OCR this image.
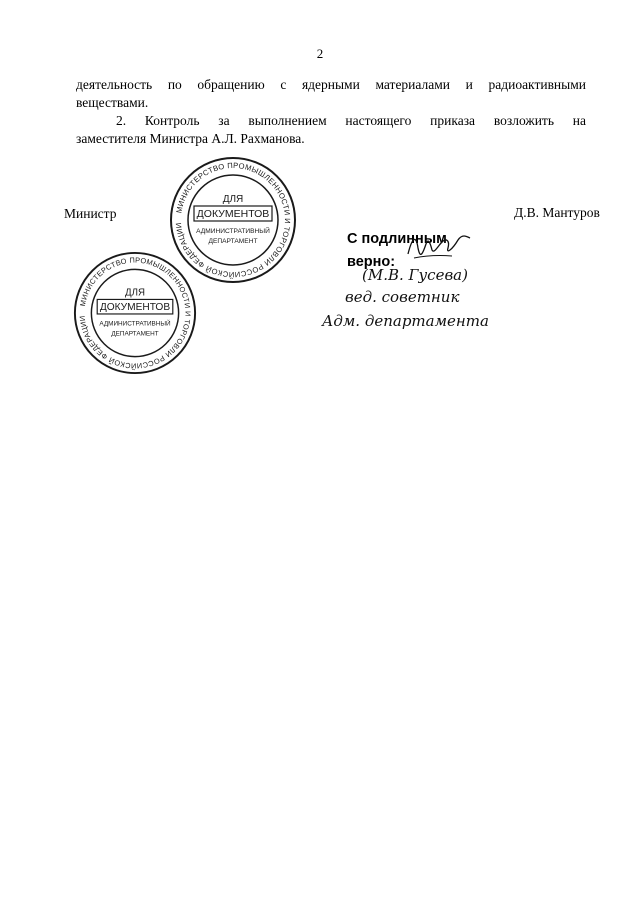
2
деятельность по обращению с ядерными материалами и радиоактивными
веществами.
2. Контроль за выполнением настоящего приказа возложить на
заместителя Министра А.Л. Рахманова.
Министр	Д.В. Мантуров
С подлинным
верно:
МИНИСТЕРСТВО ПРОМЫШЛЕННОСТИ И ТОРГОВЛИ РОССИЙСКОЙ ФЕДЕРАЦИИ
ДЛЯ
ДОКУМЕНТОВ
АДМИНИСТРАТИВНЫЙ
ДЕПАРТАМЕНТ
МИНИСТЕРСТВО ПРОМЫШЛЕННОСТИ И ТОРГОВЛИ РОССИЙСКОЙ ФЕДЕРАЦИИ
ДЛЯ
ДОКУМЕНТОВ
АДМИНИСТРАТИВНЫЙ
ДЕПАРТАМЕНТ
(М.В. Гусева)
вед. советник
Адм. департамента
